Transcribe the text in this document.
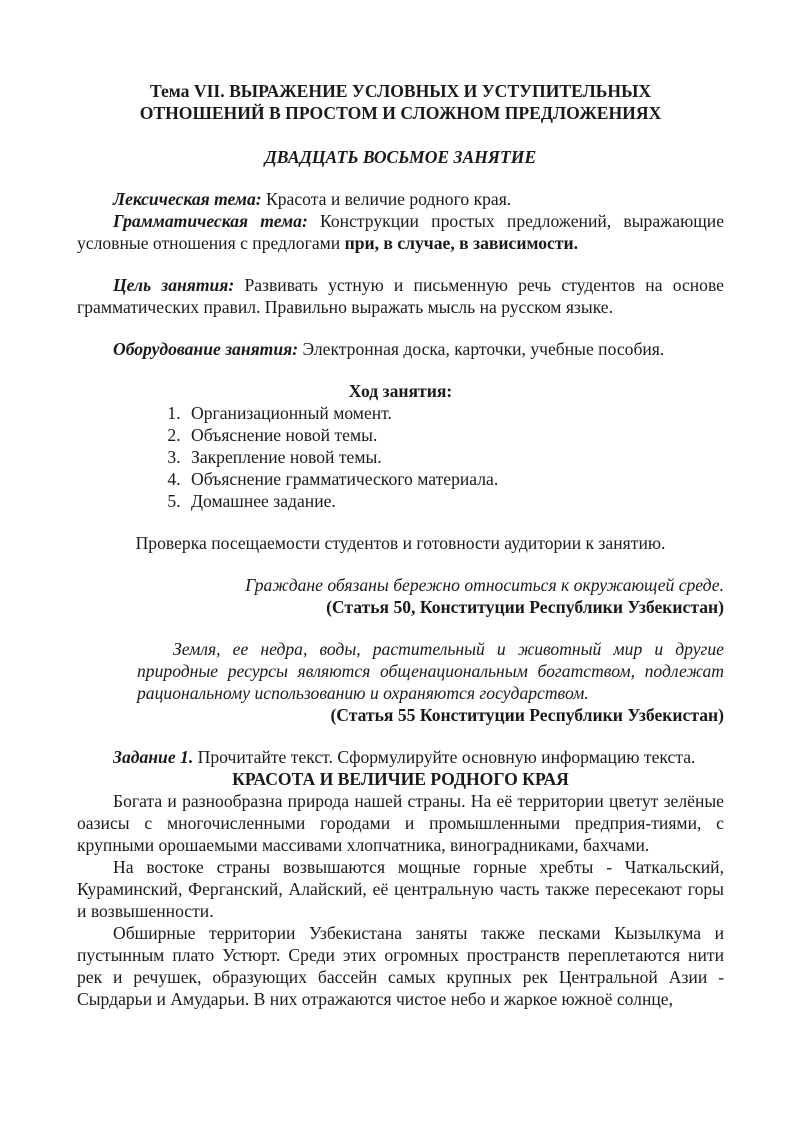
Тема VII. ВЫРАЖЕНИЕ УСЛОВНЫХ И УСТУПИТЕЛЬНЫХ
ОТНОШЕНИЙ В ПРОСТОМ И СЛОЖНОМ ПРЕДЛОЖЕНИЯХ
ДВАДЦАТЬ ВОСЬМОЕ ЗАНЯТИЕ

Лексическая тема: Красота и величие родного края.

Грамматическая тема: Конструкции простых предложений, выражающие условные отношения с предлогами при, в случае, в зависимости.

Цель занятия: Развивать устную и письменную речь студентов на основе грамматических правил. Правильно выражать мысль на русском языке.

Оборудование занятия: Электронная доска, карточки, учебные пособия.

Ход занятия:
1. Организационный момент.
2. Объяснение новой темы.
3. Закрепление новой темы.
4. Объяснение грамматического материала.
5. Домашнее задание.
Проверка посещаемости студентов и готовности аудитории к занятию.
Граждане обязаны бережно относиться к окружающей среде.
(Статья 50, Конституции Республики Узбекистан)
Земля, ее недра, воды, растительный и животный мир и другие природные ресурсы являются общенациональным богатством, подлежат рациональному использованию и охраняются государством.
(Статья 55 Конституции Республики Узбекистан)

Задание 1. Прочитайте текст. Сформулируйте основную информацию текста.

КРАСОТА И ВЕЛИЧИЕ РОДНОГО КРАЯ

Богата и разнообразна природа нашей страны. На её территории цветут зелёные оазисы с многочисленными городами и промышленными предприя-тиями, с крупными орошаемыми массивами хлопчатника, виноградниками, бахчами.

На востоке страны возвышаются мощные горные хребты - Чаткальский, Кураминский, Ферганский, Алайский, её центральную часть также пересекают горы и возвышенности.

Обширные территории Узбекистана заняты также песками Кызылкума и пустынным плато Устюрт. Среди этих огромных пространств переплетаются нити рек и речушек, образующих бассейн самых крупных рек Центральной Азии - Сырдарьи и Амударьи. В них отражаются чистое небо и жаркое южноё солнце,
